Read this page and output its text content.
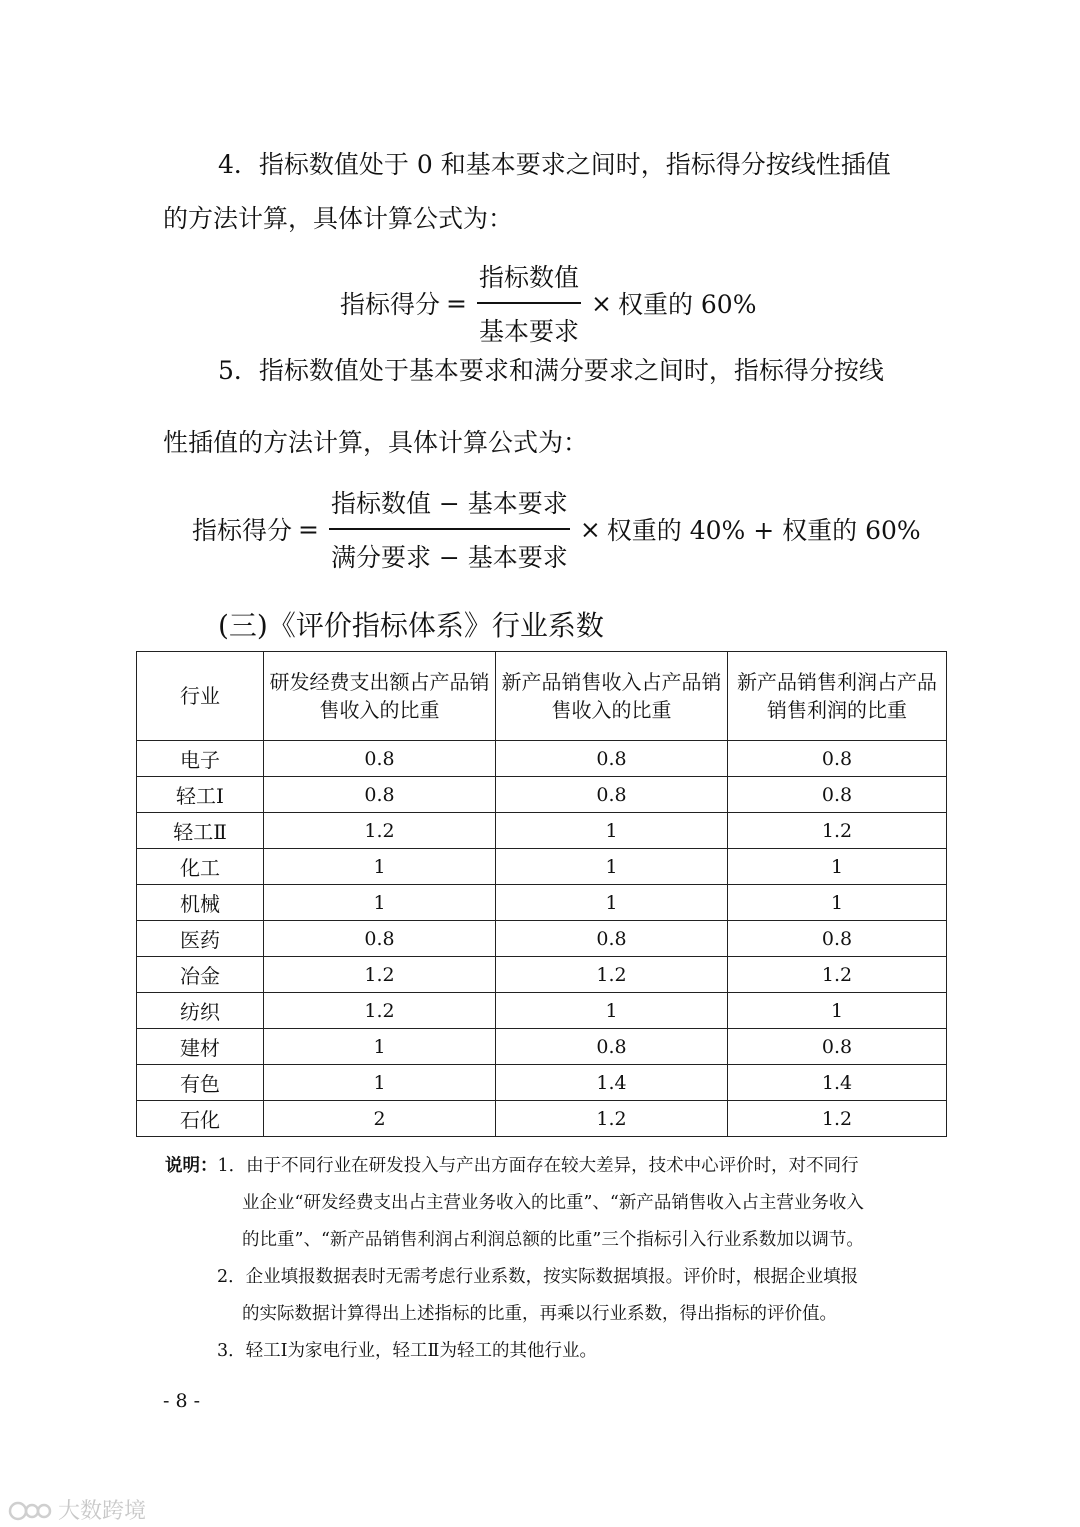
4．指标数值处于 0 和基本要求之间时，指标得分按线性插值
的方法计算，具体计算公式为：
指标得分 = $\frac{\text{指标数值}}{\text{基本要求}}$ × 权重的 60%
5．指标数值处于基本要求和满分要求之间时，指标得分按线
性插值的方法计算，具体计算公式为：
指标得分 = $\frac{\text{指标数值 − 基本要求}}{\text{满分要求 − 基本要求}}$ × 权重的 40% + 权重的 60%
(三)《评价指标体系》行业系数
行业	研发经费支出额占产品销售收入的比重	新产品销售收入占产品销售收入的比重	新产品销售利润占产品销售利润的比重
电子	0.8	0.8	0.8
轻工Ⅰ	0.8	0.8	0.8
轻工Ⅱ	1.2	1	1.2
化工	1	1	1
机械	1	1	1
医药	0.8	0.8	0.8
冶金	1.2	1.2	1.2
纺织	1.2	1	1
建材	1	0.8	0.8
有色	1	1.4	1.4
石化	2	1.2	1.2
说明：1．由于不同行业在研发投入与产出方面存在较大差异，技术中心评价时，对不同行
业企业“研发经费支出占主营业务收入的比重”、“新产品销售收入占主营业务收入
的比重”、“新产品销售利润占利润总额的比重”三个指标引入行业系数加以调节。
2．企业填报数据表时无需考虑行业系数，按实际数据填报。评价时，根据企业填报
的实际数据计算得出上述指标的比重，再乘以行业系数，得出指标的评价值。
3．轻工Ⅰ为家电行业，轻工Ⅱ为轻工的其他行业。
- 8 -
大数跨境
